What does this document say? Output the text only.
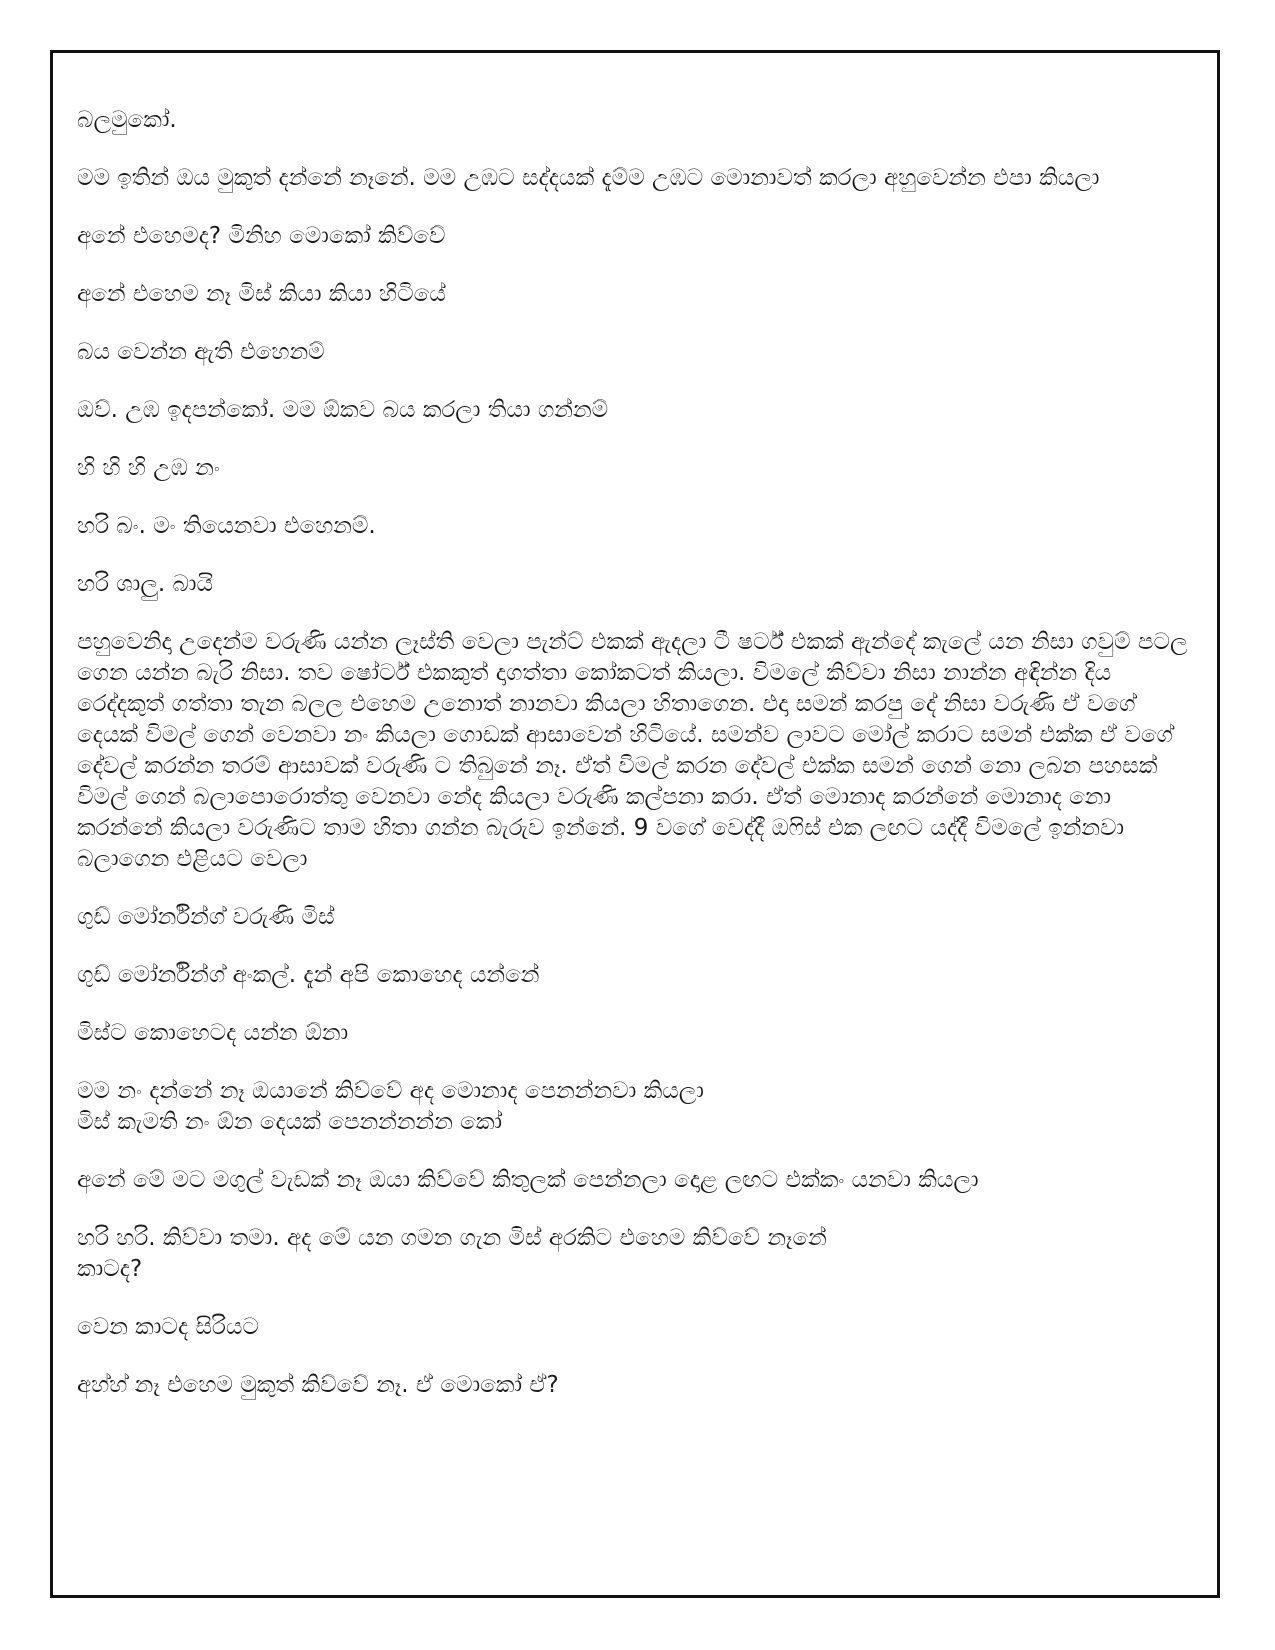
බලමුකෝ.

මම ඉතින් ඔය මුකුත් දන්නේ නෑනේ. මම උඹට සද්දයක් දැම්ම උඹට මොනාවත් කරලා අහුවෙන්න එපා කියලා

අනේ එහෙමද? මිනිහ මොකෝ කිව්වේ

අනේ එහෙම නෑ මිස් කියා කියා හිටියේ

බය වෙන්න ඇති එහෙනම්

ඔව්. උඹ ඉදපන්කෝ. මම ඕකව බය කරලා තියා ගන්නම්

හි හි හි උඹ නං

හරි බං. මං තියෙනවා එහෙනම්.

හරි ශාලු. බායි

පහුවෙනිදා උදෙන්ම වරුණි යන්න ලෑස්ති වෙලා පැන්ට් එකක් ඇදලා ටී ෂර්ට් එකක් ඇන්දේ කැලේ යන නිසා ගවුම් පටල ගෙන යන්න බැරි නිසා. තව ෂෝර්ට් එකකුත් දාගත්තා කෝකටත් කියලා. විමලේ කිව්වා නිසා නාන්න අඳින්න දිය රෙද්දකුත් ගත්තා තැන බලල එහෙම උනොත් නානවා කියලා හිතාගෙන. එදා සමන් කරපු දේ නිසා වරුණි ඒ වගේ දෙයක් විමල් ගෙන් වෙනවා නං කියලා ගොඩක් ආසාවෙන් හිටියේ. සමන්ව ලාවට මෝල් කරාට සමන් එක්ක ඒ වගේ දේවල් කරන්න තරම් ආසාවක් වරුණි ට තිබුනේ නෑ. ඒත් විමල් කරන දේවල් එක්ක සමන් ගෙන් නො ලබන පහසක් විමල් ගෙන් බලාපොරොත්තු වෙනවා නේද කියලා වරුණි කල්පනා කරා. ඒත් මොනාද කරන්නේ මොනාද නො කරන්නේ කියලා වරුණිට තාම හිතා ගන්න බැරුව ඉන්නේ. 9 වගේ වෙද්දී ඔෆිස් එක ලඟට යද්දී විමලේ ඉන්නවා බලාගෙන එළියට වෙලා

ගුඩ් මෝර්නින්ග් වරුණි මිස්

ගුඩ් මෝර්නින්ග් අංකල්. දැන් අපි කොහෙද යන්නේ

මිස්ට කොහෙටද යන්න ඕනා

මම නං දන්නේ නෑ ඔයානේ කිව්වේ අද මොනාද පෙනන්නවා කියලා
මිස් කැමති නං ඕන දෙයක් පෙනන්නන්න කෝ

අනේ මේ මට මගුල් වැඩක් නෑ ඔයා කිව්වේ කිතුලක් පෙන්නලා දොළ ලඟට එක්කං යනවා කියලා

හරි හරි. කිව්වා තමා. අද මේ යන ගමන ගැන මිස් අරකිට එහෙම කිව්වේ නෑනේ
කාටද?

වෙන කාටද සිරියට

අහ්හ් නෑ එහෙම මුකුත් කිව්වේ නෑ. ඒ මොකෝ ඒ?
